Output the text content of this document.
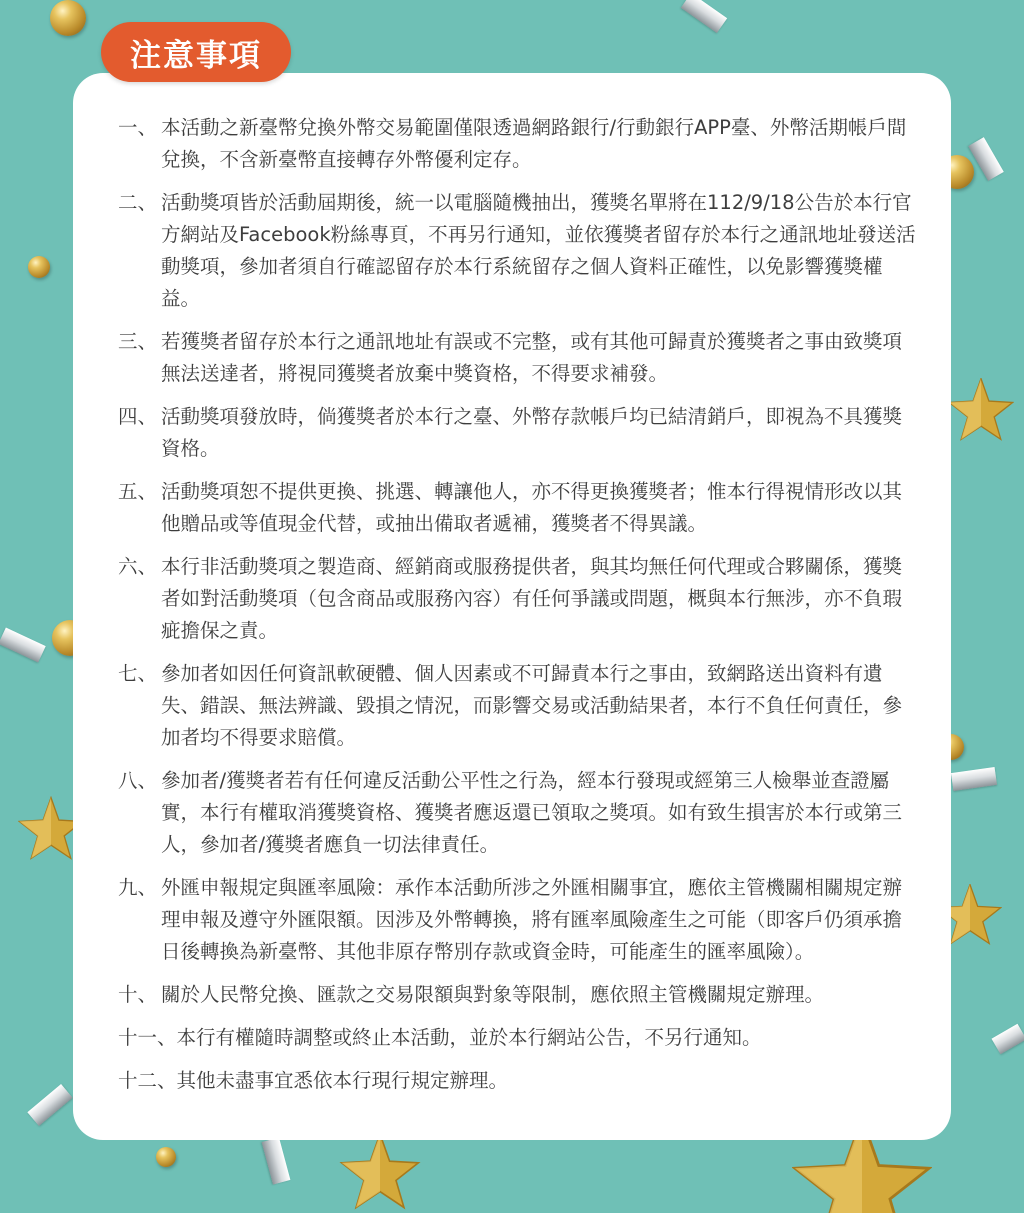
注意事項
一、 本活動之新臺幣兌換外幣交易範圍僅限透過網路銀行/行動銀行APP臺、外幣活期帳戶間兌換，不含新臺幣直接轉存外幣優利定存。
二、 活動獎項皆於活動屆期後，統一以電腦隨機抽出，獲獎名單將在112/9/18公告於本行官方網站及Facebook粉絲專頁，不再另行通知，並依獲獎者留存於本行之通訊地址發送活動獎項，參加者須自行確認留存於本行系統留存之個人資料正確性，以免影響獲獎權益。
三、 若獲獎者留存於本行之通訊地址有誤或不完整，或有其他可歸責於獲獎者之事由致獎項無法送達者，將視同獲獎者放棄中獎資格，不得要求補發。
四、 活動獎項發放時，倘獲獎者於本行之臺、外幣存款帳戶均已結清銷戶，即視為不具獲獎資格。
五、 活動獎項恕不提供更換、挑選、轉讓他人，亦不得更換獲獎者；惟本行得視情形改以其他贈品或等值現金代替，或抽出備取者遞補，獲獎者不得異議。
六、 本行非活動獎項之製造商、經銷商或服務提供者，與其均無任何代理或合夥關係，獲獎者如對活動獎項（包含商品或服務內容）有任何爭議或問題，概與本行無涉，亦不負瑕疵擔保之責。
七、 參加者如因任何資訊軟硬體、個人因素或不可歸責本行之事由，致網路送出資料有遺失、錯誤、無法辨識、毀損之情況，而影響交易或活動結果者，本行不負任何責任，參加者均不得要求賠償。
八、 參加者/獲獎者若有任何違反活動公平性之行為，經本行發現或經第三人檢舉並查證屬實，本行有權取消獲獎資格、獲獎者應返還已領取之獎項。如有致生損害於本行或第三人，參加者/獲獎者應負一切法律責任。
九、 外匯申報規定與匯率風險：承作本活動所涉之外匯相關事宜，應依主管機關相關規定辦理申報及遵守外匯限額。因涉及外幣轉換，將有匯率風險產生之可能（即客戶仍須承擔日後轉換為新臺幣、其他非原存幣別存款或資金時，可能產生的匯率風險）。
十、 關於人民幣兌換、匯款之交易限額與對象等限制，應依照主管機關規定辦理。
十一、 本行有權隨時調整或終止本活動，並於本行網站公告，不另行通知。
十二、 其他未盡事宜悉依本行現行規定辦理。
